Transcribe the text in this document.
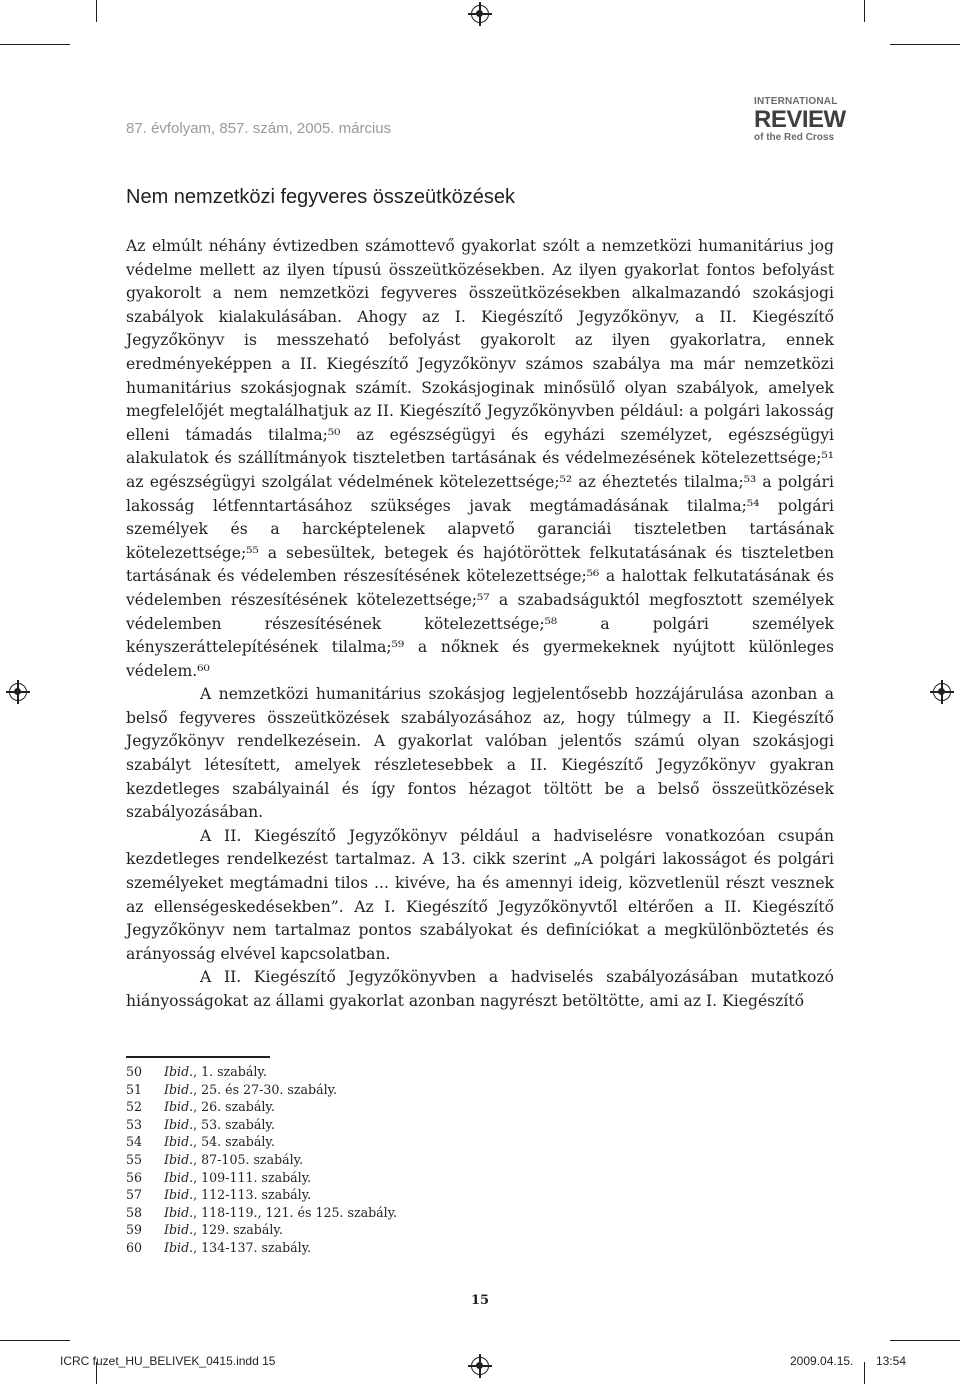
87. évfolyam, 857. szám, 2005. március
INTERNATIONAL
REVIEW
of the Red Cross
Nem nemzetközi fegyveres összeütközések

Az elmúlt néhány évtizedben számottevő gyakorlat szólt a nemzetközi humanitárius jog védelme mellett az ilyen típusú összeütközésekben. Az ilyen gyakorlat fontos befolyást gyakorolt a nem nemzetközi fegyveres összeütközésekben alkalmazandó szokásjogi szabályok kialakulásában. Ahogy az I. Kiegészítő Jegyzőkönyv, a II. Kiegészítő Jegyzőkönyv is messzeható befolyást gyakorolt az ilyen gyakorlatra, ennek eredményeképpen a II. Kiegészítő Jegyzőkönyv számos szabálya ma már nemzetközi humanitárius szokásjognak számít. Szokásjoginak minősülő olyan szabályok, amelyek megfelelőjét megtalálhatjuk az II. Kiegészítő Jegyzőkönyvben például: a polgári lakosság elleni támadás tilalma;⁵⁰ az egészségügyi és egyházi személyzet, egészségügyi alakulatok és szállítmányok tiszteletben tartásának és védelmezésének kötelezettsége;⁵¹ az egészségügyi szolgálat védelmének kötelezettsége;⁵² az éheztetés tilalma;⁵³ a polgári lakosság létfenntartásához szükséges javak megtámadásának tilalma;⁵⁴ polgári személyek és a harcképtelenek alapvető garanciái tiszteletben tartásának kötelezettsége;⁵⁵ a sebesültek, betegek és hajótöröttek felkutatásának és tiszteletben tartásának és védelemben részesítésének kötelezettsége;⁵⁶ a halottak felkutatásának és védelemben részesítésének kötelezettsége;⁵⁷ a szabadságuktól megfosztott személyek védelemben részesítésének kötelezettsége;⁵⁸ a polgári személyek kényszeráttelepítésének tilalma;⁵⁹ a nőknek és gyermekeknek nyújtott különleges védelem.⁶⁰

A nemzetközi humanitárius szokásjog legjelentősebb hozzájárulása azonban a belső fegyveres összeütközések szabályozásához az, hogy túlmegy a II. Kiegészítő Jegyzőkönyv rendelkezésein. A gyakorlat valóban jelentős számú olyan szokásjogi szabályt létesített, amelyek részletesebbek a II. Kiegészítő Jegyzőkönyv gyakran kezdetleges szabályainál és így fontos hézagot töltött be a belső összeütközések szabályozásában.

A II. Kiegészítő Jegyzőkönyv például a hadviselésre vonatkozóan csupán kezdetleges rendelkezést tartalmaz. A 13. cikk szerint „A polgári lakosságot és polgári személyeket megtámadni tilos ... kivéve, ha és amennyi ideig, közvetlenül részt vesznek az ellenségeskedésekben”. Az I. Kiegészítő Jegyzőkönyvtől eltérően a II. Kiegészítő Jegyzőkönyv nem tartalmaz pontos szabályokat és definíciókat a megkülönböztetés és arányosság elvével kapcsolatban.

A II. Kiegészítő Jegyzőkönyvben a hadviselés szabályozásában mutatkozó hiányosságokat az állami gyakorlat azonban nagyrészt betöltötte, ami az I. Kiegészítő

50	Ibid ., 1. szabály.
51	Ibid ., 25. és 27-30. szabály.
52	Ibid ., 26. szabály.
53	Ibid ., 53. szabály.
54	Ibid ., 54. szabály.
55	Ibid ., 87-105. szabály.
56	Ibid ., 109-111. szabály.
57	Ibid ., 112-113. szabály.
58	Ibid ., 118-119., 121. és 125. szabály.
59	Ibid ., 129. szabály.
60	Ibid ., 134-137. szabály.
15
ICRC fuzet_HU_BELIVEK_0415.indd 15	2009.04.15. 13:54
